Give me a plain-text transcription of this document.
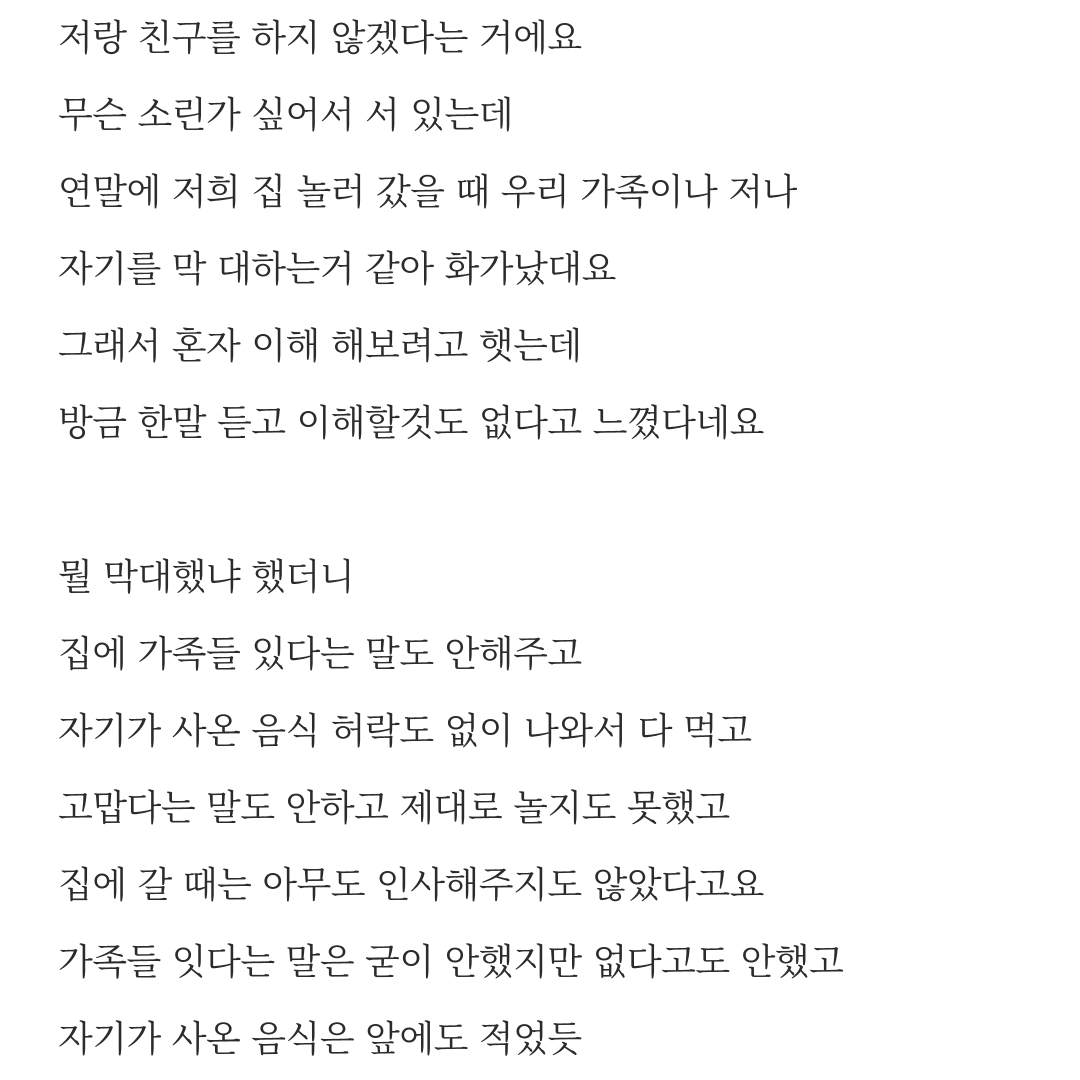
저랑 친구를 하지 않겠다는 거에요
무슨 소린가 싶어서 서 있는데
연말에 저희 집 놀러 갔을 때 우리 가족이나 저나
자기를 막 대하는거 같아 화가났대요
그래서 혼자 이해 해보려고 햇는데
방금 한말 듣고 이해할것도 없다고 느꼈다네요
뭘 막대했냐 했더니
집에 가족들 있다는 말도 안해주고
자기가 사온 음식 허락도 없이 나와서 다 먹고
고맙다는 말도 안하고 제대로 놀지도 못했고
집에 갈 때는 아무도 인사해주지도 않았다고요
가족들 잇다는 말은 굳이 안했지만 없다고도 안했고
자기가 사온 음식은 앞에도 적었듯
